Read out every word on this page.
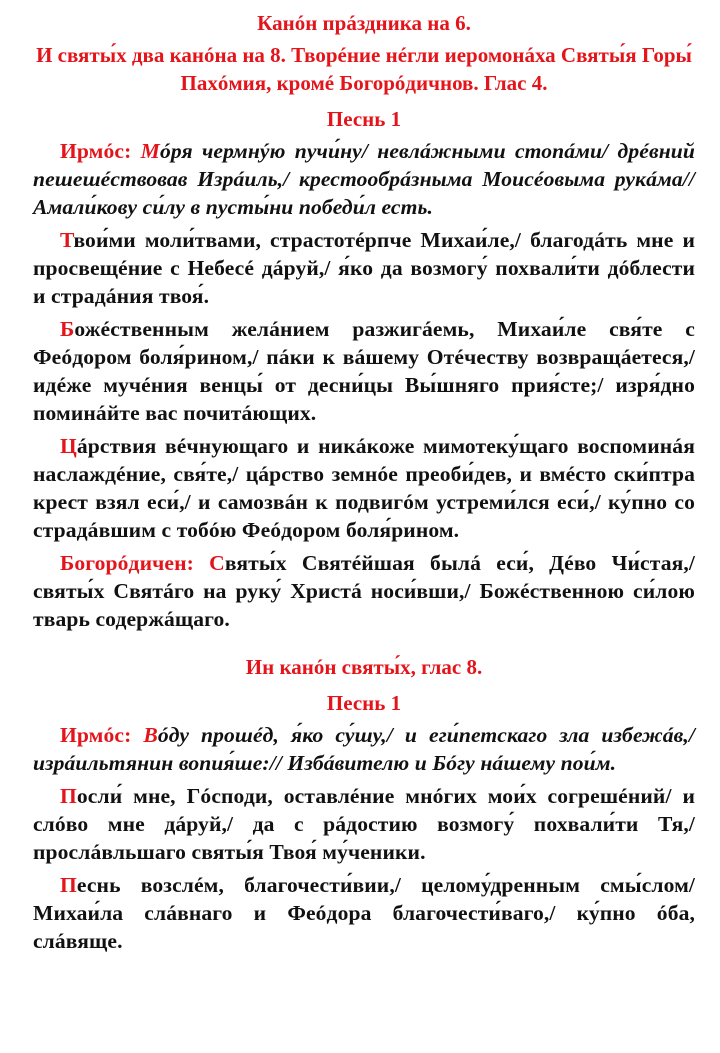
Канóн прáздника на 6.

И святы́х два канóна на 8. Творéние нéгли иеромонáха Святы́я Горы́ Пахóмия, кромé Богорóдичнов. Глас 4.

Песнь 1

Ирмóс: Мóря чермнýю пучи́ну/ невлáжными стопáми/ дрéвний пешешéствовав Изрáиль,/ крестообрáзныма Моисéовыма рукáма// Амали́кову си́лу в пусты́ни победи́л есть.

Твои́ми моли́твами, страстотéрпче Михаи́ле,/ благодáть мне и просвещéние с Небесé дáруй,/ я́ко да возмогу́ похвали́ти дóблести и страдáния твоя́.

Божéственным желáнием разжигáемь, Михаи́ле свя́те с Феóдором боля́рином,/ пáки к вáшему Отéчеству возвращáетеся,/ идéже мучéния венцы́ от десни́цы Вы́шняго прия́сте;/ изря́дно поминáйте вас почитáющих.

Цáрствия вéчнующаго и никáкоже мимотеку́щаго воспоминáя наслаждéние, свя́те,/ цáрство земнóе преоби́дев, и вмéсто ски́птра крест взял еси́,/ и самозвáн к подвигóм устреми́лся еси́,/ ку́пно со страдáвшим с тобóю Феóдором боля́рином.

Богорóдичен: Святы́х Святéйшая былá еси́, Дéво Чи́стая,/ святы́х Святáго на руку́ Христá носи́вши,/ Божéственною си́лою тварь содержáщаго.

Ин канóн святы́х, глас 8.

Песнь 1

Ирмóс: Вóду прошéд, я́ко су́шу,/ и еги́петскаго зла избежáв,/ изрáильтянин вопия́ше:// Избáвителю и Бóгу нáшему пои́м.

Посли́ мне, Гóсподи, оставлéние мнóгих мои́х согрешéний/ и слóво мне дáруй,/ да с рáдостию возмогу́ похвали́ти Тя,/ прослáвльшаго святы́я Твоя́ му́ченики.

Песнь возслéм, благочести́вии,/ целому́дренным смы́слом/ Михаи́ла слáвнаго и Феóдора благочести́ваго,/ ку́пно óба, слáвяще.
